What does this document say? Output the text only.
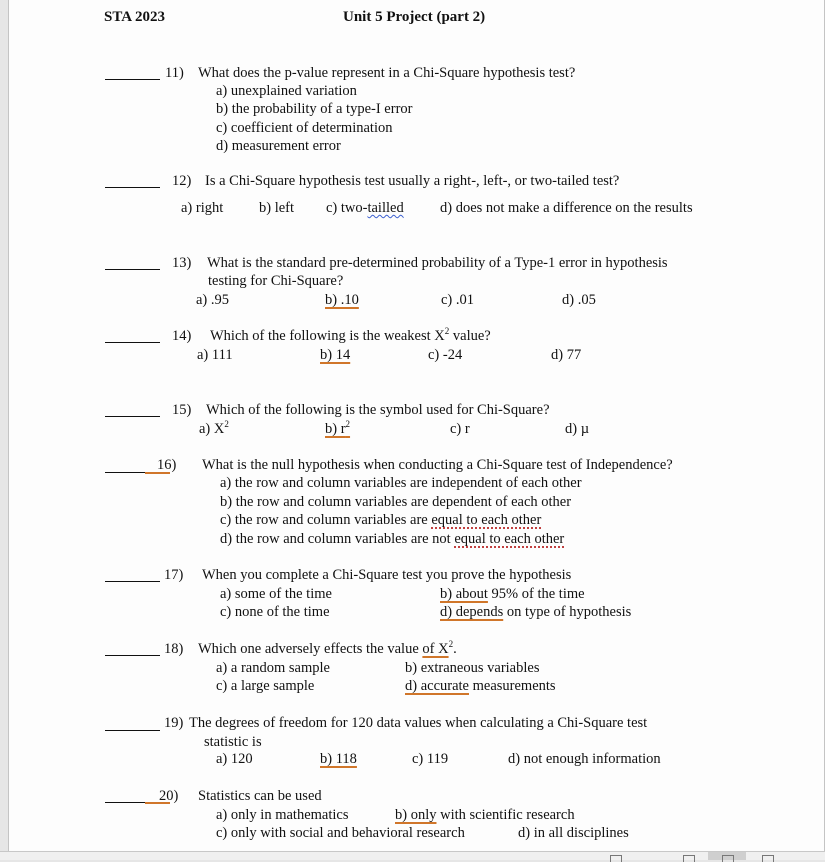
STA 2023	Unit 5 Project (part 2)
11) What does the p-value represent in a Chi-Square hypothesis test?
a) unexplained variation
b) the probability of a type-I error
c) coefficient of determination
d) measurement error
12) Is a Chi-Square hypothesis test usually a right-, left-, or two-tailed test?
a) right b) left c) two-tailled	d) does not make a difference on the results
13) What is the standard pre-determined probability of a Type-1 error in hypothesis
testing for Chi-Square?
a) .95	b) .10	c) .01	d) .05
14) Which of the following is the weakest $X^2$ value?
a) 111	b) 14	c) -24	d) 77
15) Which of the following is the symbol used for Chi-Square?
a) $X^2$	b) $r^2$	c) r	d) µ
16) What is the null hypothesis when conducting a Chi-Square test of Independence?
a) the row and column variables are independent of each other
b) the row and column variables are dependent of each other
c) the row and column variables are equal to each other
d) the row and column variables are not equal to each other
17) When you complete a Chi-Square test you prove the hypothesis
a) some of the time	b) about 95% of the time
c) none of the time	d) depends on type of hypothesis
18) Which one adversely effects the value of $X^2$.
a) a random sample	b) extraneous variables
c) a large sample	d) accurate measurements
19) The degrees of freedom for 120 data values when calculating a Chi-Square test
statistic is
a) 120	b) 118	c) 119	d) not enough information
20) Statistics can be used
a) only in mathematics	b) only with scientific research
c) only with social and behavioral research	d) in all disciplines
